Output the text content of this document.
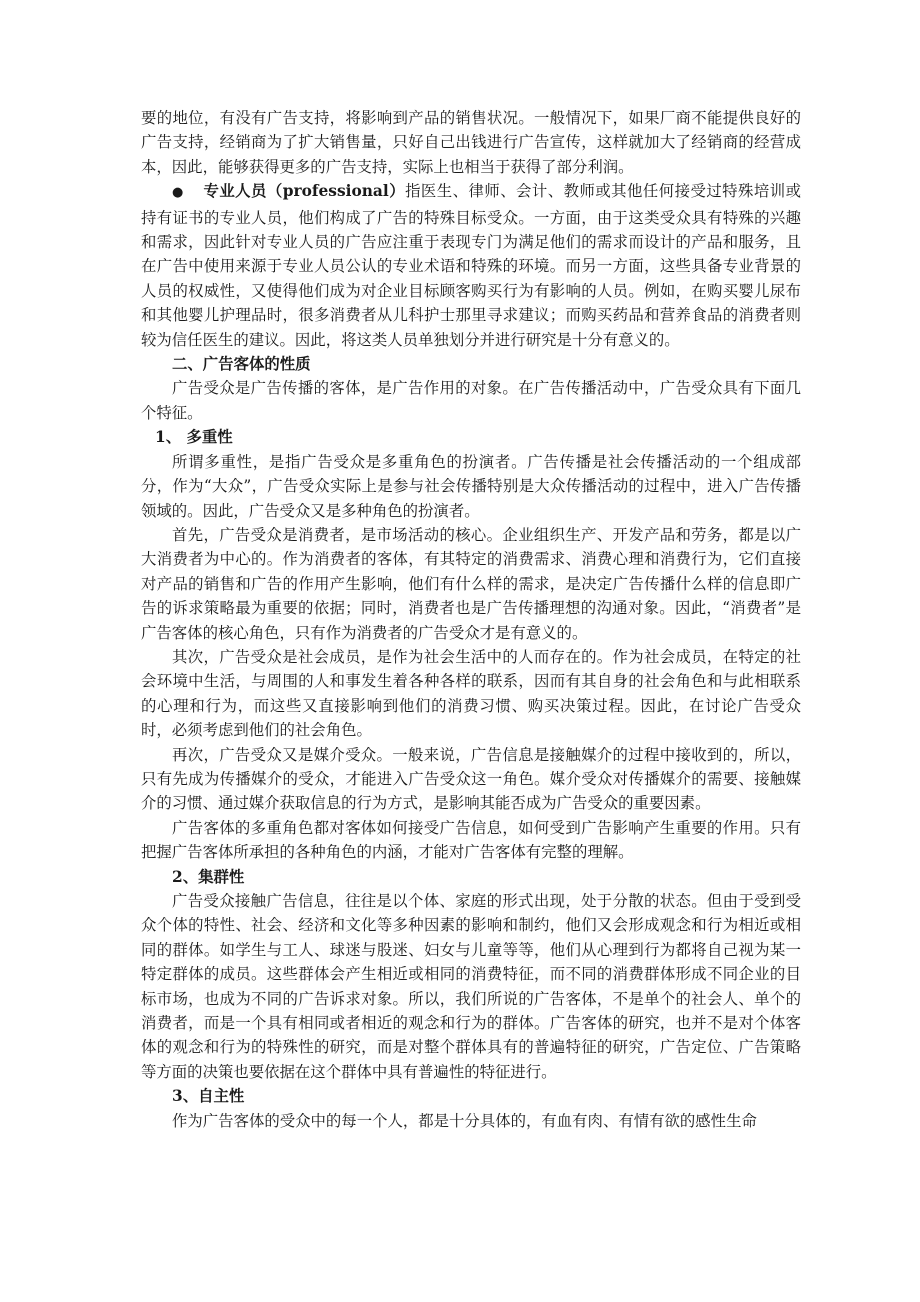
要的地位，有没有广告支持，将影响到产品的销售状况。一般情况下，如果厂商不能提供良好的广告支持，经销商为了扩大销售量，只好自己出钱进行广告宣传，这样就加大了经销商的经营成本，因此，能够获得更多的广告支持，实际上也相当于获得了部分利润。

● 专业人员（professional）指医生、律师、会计、教师或其他任何接受过特殊培训或持有证书的专业人员，他们构成了广告的特殊目标受众。一方面，由于这类受众具有特殊的兴趣和需求，因此针对专业人员的广告应注重于表现专门为满足他们的需求而设计的产品和服务，且在广告中使用来源于专业人员公认的专业术语和特殊的环境。而另一方面，这些具备专业背景的人员的权威性，又使得他们成为对企业目标顾客购买行为有影响的人员。例如，在购买婴儿尿布和其他婴儿护理品时，很多消费者从儿科护士那里寻求建议；而购买药品和营养食品的消费者则较为信任医生的建议。因此，将这类人员单独划分并进行研究是十分有意义的。

二、广告客体的性质

广告受众是广告传播的客体，是广告作用的对象。在广告传播活动中，广告受众具有下面几个特征。

1、 多重性

所谓多重性，是指广告受众是多重角色的扮演者。广告传播是社会传播活动的一个组成部分，作为“大众”，广告受众实际上是参与社会传播特别是大众传播活动的过程中，进入广告传播领域的。因此，广告受众又是多种角色的扮演者。

首先，广告受众是消费者，是市场活动的核心。企业组织生产、开发产品和劳务，都是以广大消费者为中心的。作为消费者的客体，有其特定的消费需求、消费心理和消费行为，它们直接对产品的销售和广告的作用产生影响，他们有什么样的需求，是决定广告传播什么样的信息即广告的诉求策略最为重要的依据；同时，消费者也是广告传播理想的沟通对象。因此，“消费者”是广告客体的核心角色，只有作为消费者的广告受众才是有意义的。

其次，广告受众是社会成员，是作为社会生活中的人而存在的。作为社会成员，在特定的社会环境中生活，与周围的人和事发生着各种各样的联系，因而有其自身的社会角色和与此相联系的心理和行为，而这些又直接影响到他们的消费习惯、购买决策过程。因此，在讨论广告受众时，必须考虑到他们的社会角色。

再次，广告受众又是媒介受众。一般来说，广告信息是接触媒介的过程中接收到的，所以，只有先成为传播媒介的受众，才能进入广告受众这一角色。媒介受众对传播媒介的需要、接触媒介的习惯、通过媒介获取信息的行为方式，是影响其能否成为广告受众的重要因素。

广告客体的多重角色都对客体如何接受广告信息，如何受到广告影响产生重要的作用。只有把握广告客体所承担的各种角色的内涵，才能对广告客体有完整的理解。

2、集群性

广告受众接触广告信息，往往是以个体、家庭的形式出现，处于分散的状态。但由于受到受众个体的特性、社会、经济和文化等多种因素的影响和制约，他们又会形成观念和行为相近或相同的群体。如学生与工人、球迷与股迷、妇女与儿童等等，他们从心理到行为都将自己视为某一特定群体的成员。这些群体会产生相近或相同的消费特征，而不同的消费群体形成不同企业的目标市场，也成为不同的广告诉求对象。所以，我们所说的广告客体，不是单个的社会人、单个的消费者，而是一个具有相同或者相近的观念和行为的群体。广告客体的研究，也并不是对个体客体的观念和行为的特殊性的研究，而是对整个群体具有的普遍特征的研究，广告定位、广告策略等方面的决策也要依据在这个群体中具有普遍性的特征进行。

3、自主性

作为广告客体的受众中的每一个人，都是十分具体的，有血有肉、有情有欲的感性生命
